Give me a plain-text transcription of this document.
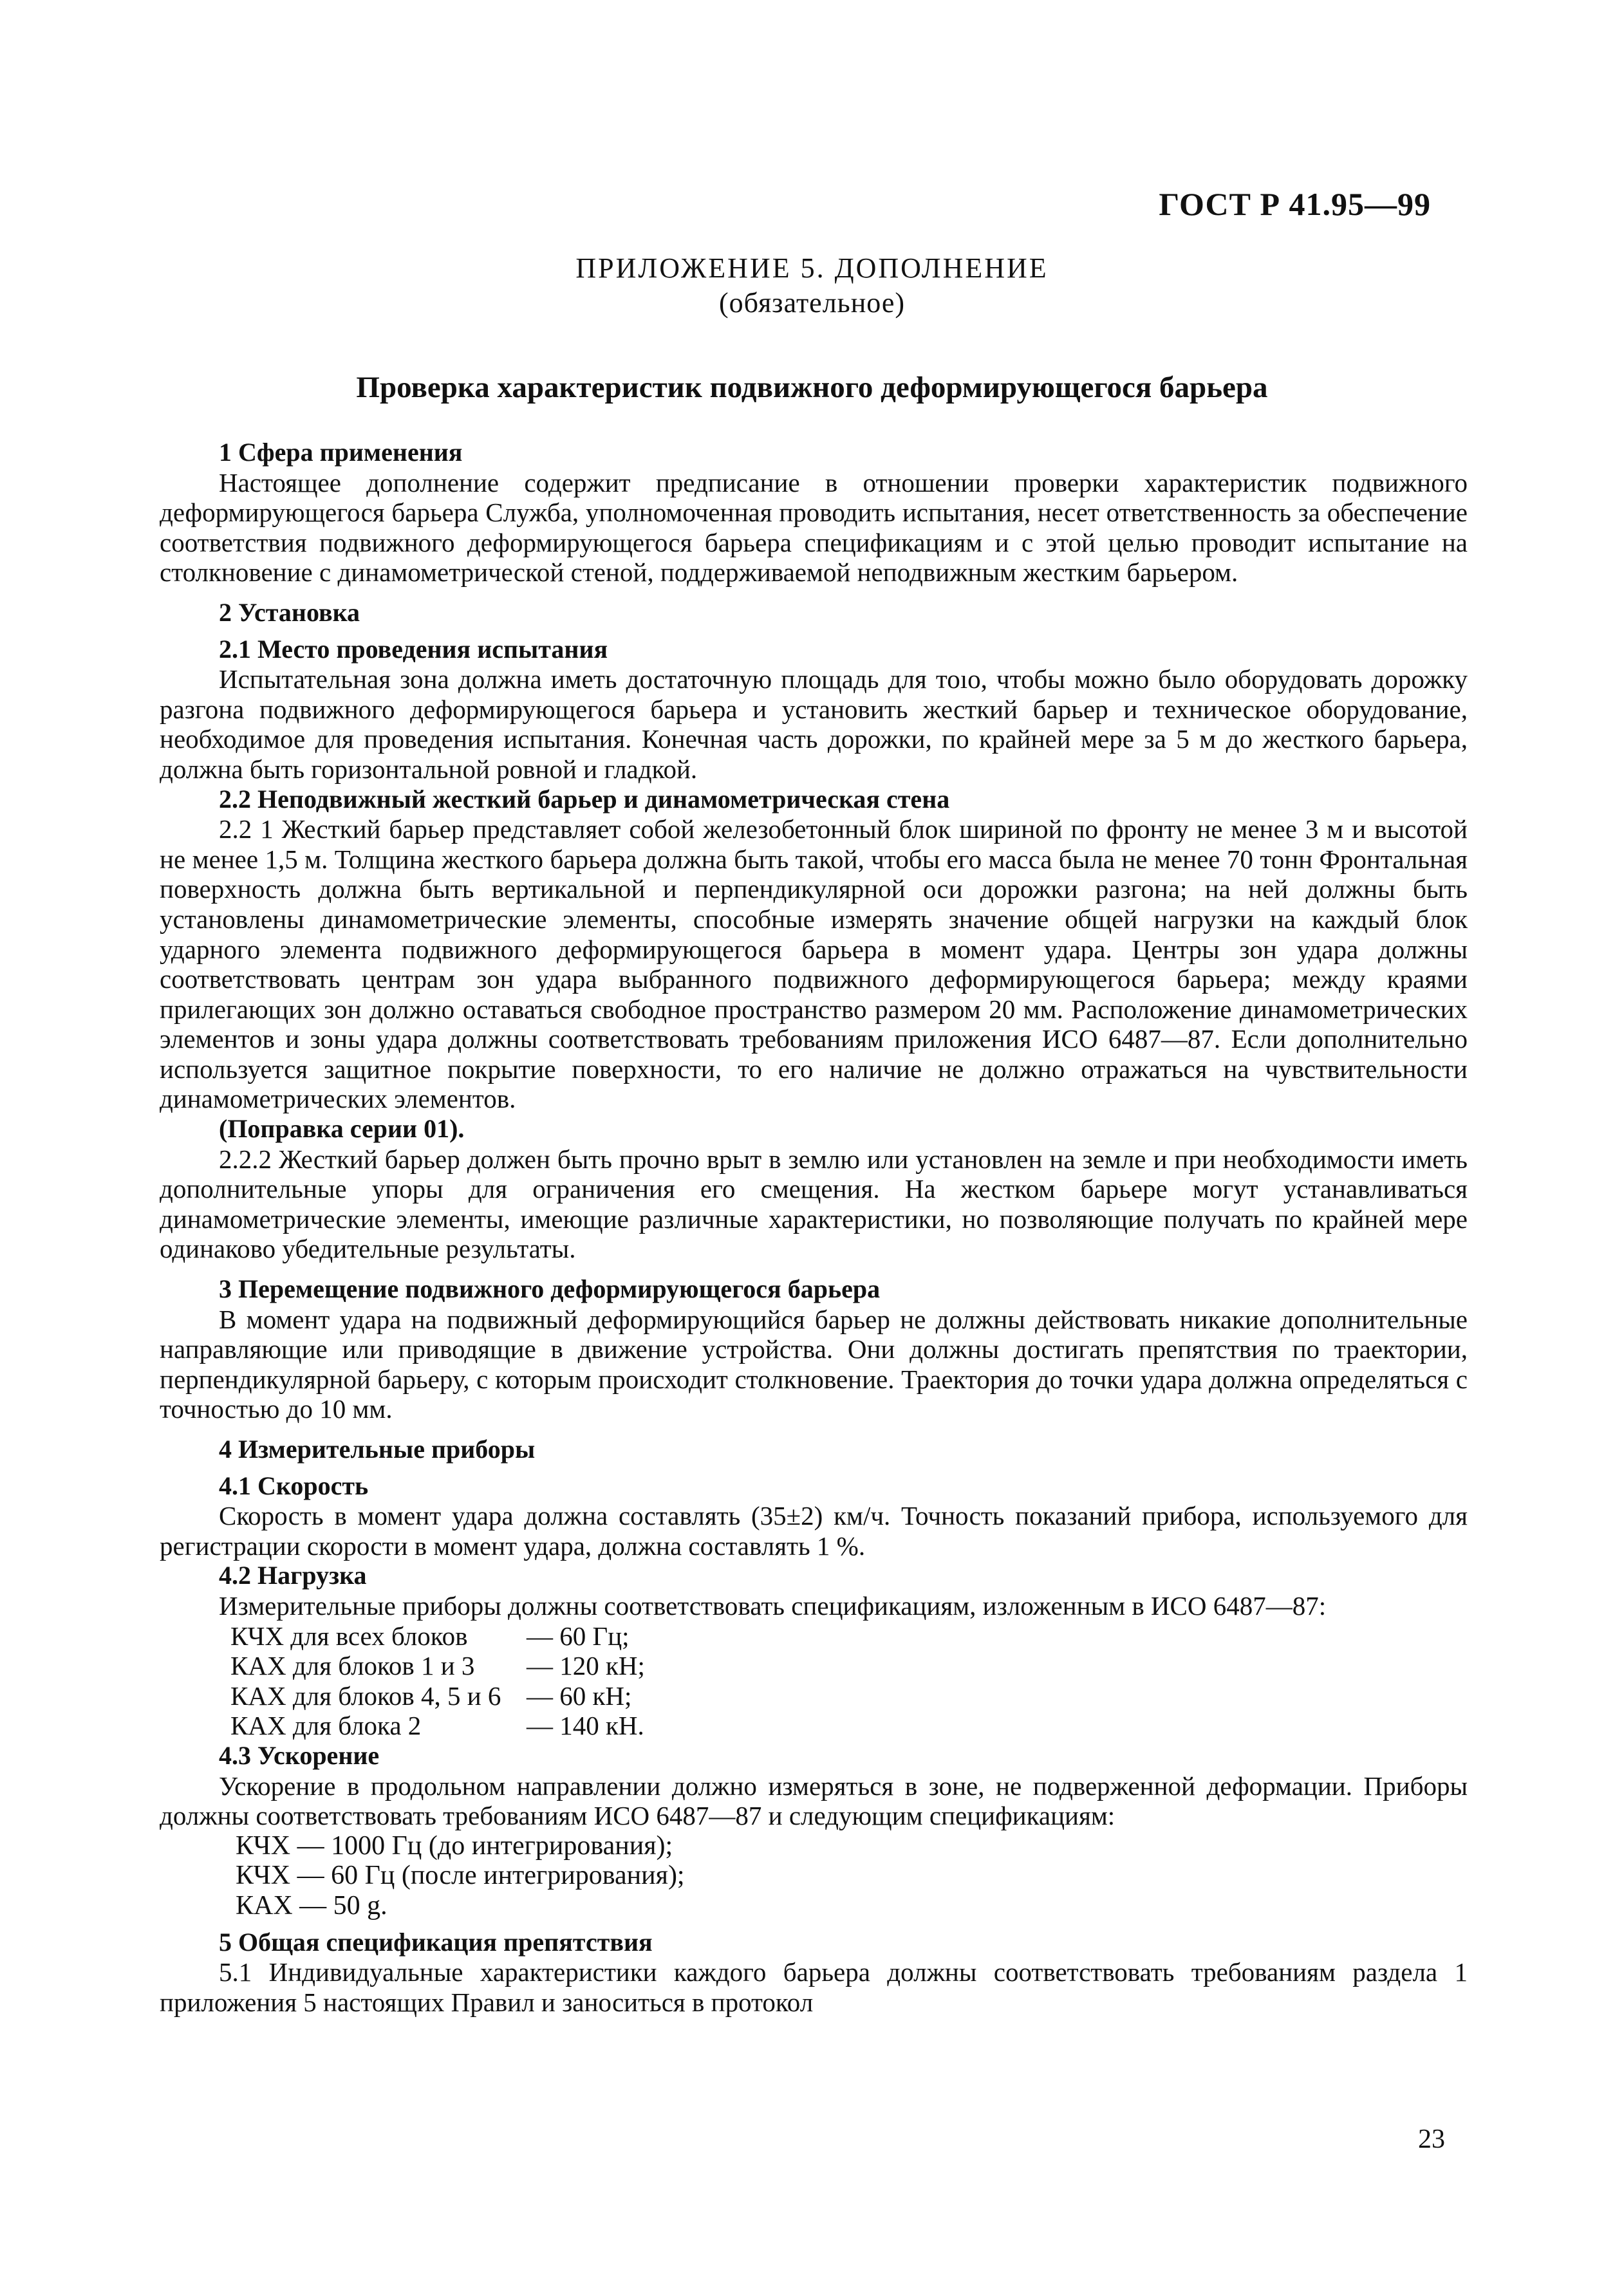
ГОСТ Р 41.95—99
ПРИЛОЖЕНИЕ 5. ДОПОЛНЕНИЕ
(обязательное)
Проверка характеристик подвижного деформирующегося барьера

1 Сфера применения

Настоящее дополнение содержит предписание в отношении проверки характеристик подвижного деформирующегося барьера Служба, уполномоченная проводить испытания, несет ответственность за обеспечение соответствия подвижного деформирующегося барьера спецификациям и с этой целью проводит испытание на столкновение с динамометрической стеной, поддерживаемой неподвижным жестким барьером.

2 Установка

2.1 Место проведения испытания

Испытательная зона должна иметь достаточную площадь для тоıо, чтобы можно было оборудовать дорожку разгона подвижного деформирующегося барьера и установить жесткий барьер и техническое оборудование, необходимое для проведения испытания. Конечная часть дорожки, по крайней мере за 5 м до жесткого барьера, должна быть горизонтальной ровной и гладкой.

2.2 Неподвижный жесткий барьер и динамометрическая стена

2.2 1 Жесткий барьер представляет собой железобетонный блок шириной по фронту не менее 3 м и высотой не менее 1,5 м. Толщина жесткого барьера должна быть такой, чтобы его масса была не менее 70 тонн Фронтальная поверхность должна быть вертикальной и перпендикулярной оси дорожки разгона; на ней должны быть установлены динамометрические элементы, способные измерять значение общей нагрузки на каждый блок ударного элемента подвижного деформирующегося барьера в момент удара. Центры зон удара должны соответствовать центрам зон удара выбранного подвижного деформирующегося барьера; между краями прилегающих зон должно оставаться свободное пространство размером 20 мм. Расположение динамометрических элементов и зоны удара должны соответствовать требованиям приложения ИСО 6487—87. Если дополнительно используется защитное покрытие поверхности, то его наличие не должно отражаться на чувствительности динамометрических элементов.

(Поправка серии 01).

2.2.2 Жесткий барьер должен быть прочно врыт в землю или установлен на земле и при необходимости иметь дополнительные упоры для ограничения его смещения. На жестком барьере могут устанавливаться динамометрические элементы, имеющие различные характеристики, но позволяющие получать по крайней мере одинаково убедительные результаты.

3 Перемещение подвижного деформирующегося барьера

В момент удара на подвижный деформирующийся барьер не должны действовать никакие дополнительные направляющие или приводящие в движение устройства. Они должны достигать препятствия по траектории, перпендикулярной барьеру, с которым происходит столкновение. Траектория до точки удара должна определяться с точностью до 10 мм.

4 Измерительные приборы

4.1 Скорость

Скорость в момент удара должна составлять (35±2) км/ч. Точность показаний прибора, используемого для регистрации скорости в момент удара, должна составлять 1 %.

4.2 Нагрузка

Измерительные приборы должны соответствовать спецификациям, изложенным в ИСО 6487—87:

КЧХ для всех блоков	— 60 Гц;
КАХ для блоков 1 и 3	— 120 кН;
КАХ для блоков 4, 5 и 6 — 60 кН;
КАХ для блока 2	— 140 кН.

4.3 Ускорение

Ускорение в продольном направлении должно измеряться в зоне, не подверженной деформации. Приборы должны соответствовать требованиям ИСО 6487—87 и следующим спецификациям:

КЧХ — 1000 Гц (до интегрирования);
КЧХ — 60 Гц (после интегрирования);
КАХ — 50 g.

5 Общая спецификация препятствия

5.1 Индивидуальные характеристики каждого барьера должны соответствовать требованиям раздела 1 приложения 5 настоящих Правил и заноситься в протокол

23
